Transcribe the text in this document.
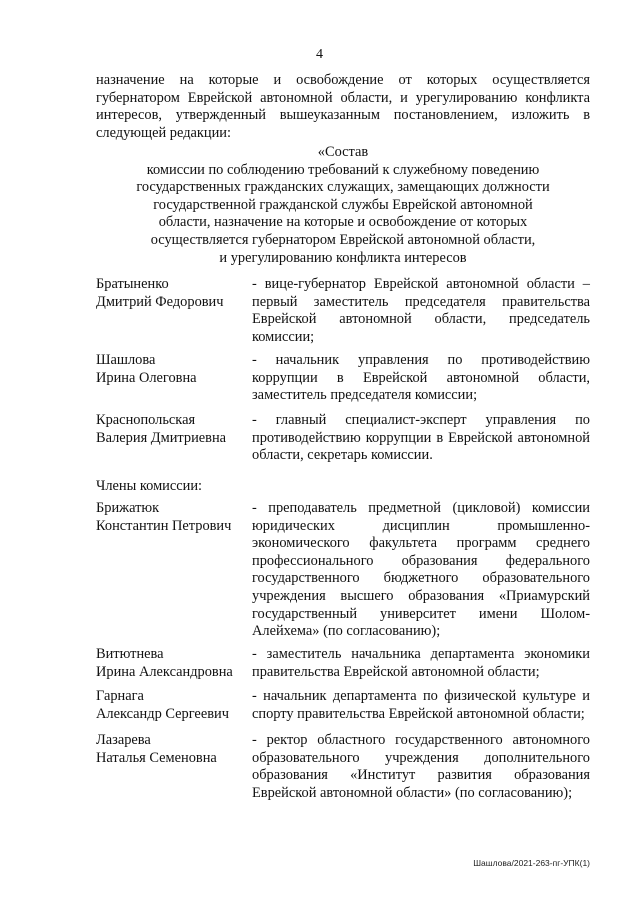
4

назначение на которые и освобождение от которых осуществляется губернатором Еврейской автономной области, и урегулированию конфликта интересов, утвержденный вышеуказанным постановлением, изложить в следующей редакции:

«Состав
комиссии по соблюдению требований к служебному поведению
государственных гражданских служащих, замещающих должности
государственной гражданской службы Еврейской автономной
области, назначение на которые и освобождение от которых
осуществляется губернатором Еврейской автономной области,
и урегулированию конфликта интересов
Братыненко
Дмитрий Федорович

- вице-губернатор Еврейской автономной области – первый заместитель председателя правительства Еврейской автономной области, председатель комиссии;

Шашлова
Ирина Олеговна

- начальник управления по противодействию коррупции в Еврейской автономной области, заместитель председателя комиссии;

Краснопольская
Валерия Дмитриевна

- главный специалист-эксперт управления по противодействию коррупции в Еврейской автономной области, секретарь комиссии.

Члены комиссии:
Брижатюк
Константин Петрович

- преподаватель предметной (цикловой) комиссии юридических дисциплин промышленно-экономического факультета программ среднего профессионального образования федерального государственного бюджетного образовательного учреждения высшего образования «Приамурский государственный университет имени Шолом-Алейхема» (по согласованию);

Витютнева
Ирина Александровна

- заместитель начальника департамента экономики правительства Еврейской автономной области;

Гарнага
Александр Сергеевич

- начальник департамента по физической культуре и спорту правительства Еврейской автономной области;

Лазарева
Наталья Семеновна

- ректор областного государственного автономного образовательного учреждения дополнительного образования «Институт развития образования Еврейской автономной области» (по согласованию);

Шашлова/2021-263-пг-УПК(1)
